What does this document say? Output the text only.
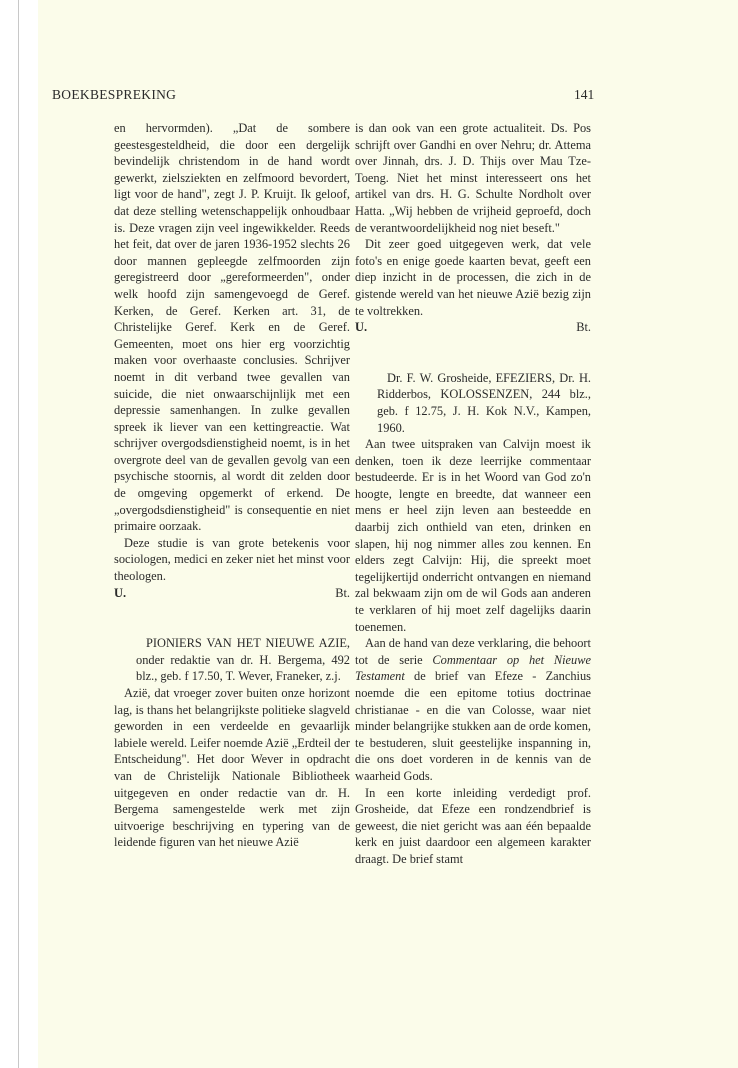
BOEKBESPREKING	141

en hervormden). „Dat de sombere geestesgesteldheid, die door een dergelijk bevindelijk christendom in de hand wordt gewerkt, zielsziekten en zelfmoord bevordert, ligt voor de hand", zegt J. P. Kruijt. Ik geloof, dat deze stelling wetenschappelijk onhoudbaar is. Deze vragen zijn veel ingewikkelder. Reeds het feit, dat over de jaren 1936-1952 slechts 26 door mannen gepleegde zelfmoorden zijn geregistreerd door „gereformeerden", onder welk hoofd zijn samengevoegd de Geref. Kerken, de Geref. Kerken art. 31, de Christelijke Geref. Kerk en de Geref. Gemeenten, moet ons hier erg voorzichtig maken voor overhaaste conclusies. Schrijver noemt in dit verband twee gevallen van suicide, die niet onwaarschijnlijk met een depressie samenhangen. In zulke gevallen spreek ik liever van een kettingreactie. Wat schrijver overgodsdienstigheid noemt, is in het overgrote deel van de gevallen gevolg van een psychische stoornis, al wordt dit zelden door de omgeving opgemerkt of erkend. De „overgodsdienstigheid" is consequentie en niet primaire oorzaak.

Deze studie is van grote betekenis voor sociologen, medici en zeker niet het minst voor theologen.

U.	Bt.

PIONIERS VAN HET NIEUWE AZIE, onder redaktie van dr. H. Bergema, 492 blz., geb. f 17.50, T. Wever, Franeker, z.j.

Azië, dat vroeger zover buiten onze horizont lag, is thans het belangrijkste politieke slagveld geworden in een verdeelde en gevaarlijk labiele wereld. Leifer noemde Azië „Erdteil der Entscheidung". Het door Wever in opdracht van de Christelijk Nationale Bibliotheek uitgegeven en onder redactie van dr. H. Bergema samengestelde werk met zijn uitvoerige beschrijving en typering van de leidende figuren van het nieuwe Azië

is dan ook van een grote actualiteit. Ds. Pos schrijft over Gandhi en over Nehru; dr. Attema over Jinnah, drs. J. D. Thijs over Mau Tze-Toeng. Niet het minst interesseert ons het artikel van drs. H. G. Schulte Nordholt over Hatta. „Wij hebben de vrijheid geproefd, doch de verantwoordelijkheid nog niet beseft."

Dit zeer goed uitgegeven werk, dat vele foto's en enige goede kaarten bevat, geeft een diep inzicht in de processen, die zich in de gistende wereld van het nieuwe Azië bezig zijn te voltrekken.

U.	Bt.

Dr. F. W. Grosheide, EFEZIERS, Dr. H. Ridderbos, KOLOSSENZEN, 244 blz., geb. f 12.75, J. H. Kok N.V., Kampen, 1960.

Aan twee uitspraken van Calvijn moest ik denken, toen ik deze leerrijke commentaar bestudeerde. Er is in het Woord van God zo'n hoogte, lengte en breedte, dat wanneer een mens er heel zijn leven aan besteedde en daarbij zich onthield van eten, drinken en slapen, hij nog nimmer alles zou kennen. En elders zegt Calvijn: Hij, die spreekt moet tegelijkertijd onderricht ontvangen en niemand zal bekwaam zijn om de wil Gods aan anderen te verklaren of hij moet zelf dagelijks daarin toenemen.

Aan de hand van deze verklaring, die behoort tot de serie Commentaar op het Nieuwe Testament de brief van Efeze - Zanchius noemde die een epitome totius doctrinae christianae - en die van Colosse, waar niet minder belangrijke stukken aan de orde komen, te bestuderen, sluit geestelijke inspanning in, die ons doet vorderen in de kennis van de waarheid Gods.

In een korte inleiding verdedigt prof. Grosheide, dat Efeze een rondzendbrief is geweest, die niet gericht was aan één bepaalde kerk en juist daardoor een algemeen karakter draagt. De brief stamt
